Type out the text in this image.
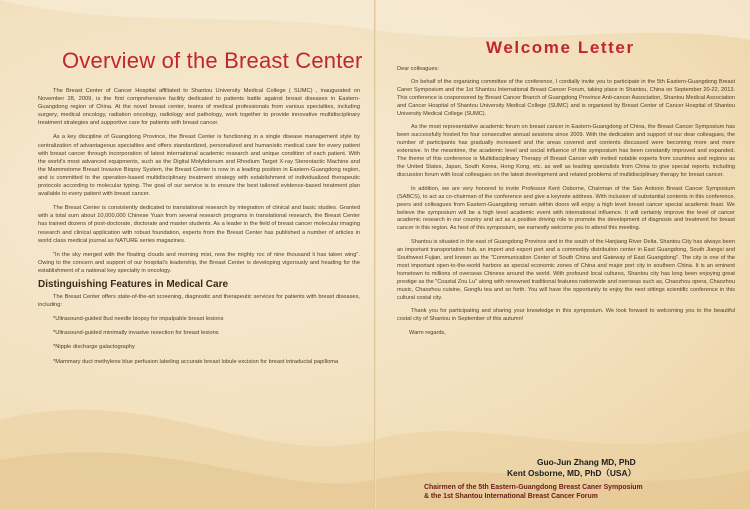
Overview of the Breast Center

The Breast Center of Cancer Hospital affiliated to Shantou University Medical College ( SUMC) , inaugurated on November 28, 2009, is the first comprehensive facility dedicated to patients battle against breast diseases in Eastern-Guangdong region of China. At the novel breast center, teams of medical professionals from various specialties, including surgery, medical oncology, radiation oncology, radiology and pathology, work together to provide innovative multidisciplinary treatment strategies and supportive care for patients with breast cancer.

As a key discipline of Guangdong Province, the Breast Center is functioning in a single disease management style by centralization of advantageous specialties and offers standardized, personalized and humanistic medical care for every patient with breast cancer through incorporation of latest international academic research and unique condition of each patient. With the world's most advanced equipments, such as the Digital Molybdenum and Rhodium Target X-ray Stereotactic Machine and the Mammotome Breast Invasive Biopsy System, the Breast Center is now in a leading position in Eastern-Guangdong region, and is committed to the operation-based multidisciplinary treatment strategy with establishment of individualized therapeutic protocols according to molecular typing. The goal of our service is to ensure the best tailored evidence-based treatment plan available to every patient with breast cancer.

The Breast Center is consistently dedicated to translational research by integration of clinical and basic studies. Granted with a total sum about 10,000,000 Chinese Yuan from several research programs in translational research, the Breast Center has trained dozens of post-doctorate, doctorate and master students. As a leader in the field of breast cancer molecular imaging research and clinical application with robust foundation, experts from the Breast Center has published a number of articles in world class medical journal as NATURE series magazines.

"In the sky merged with the floating clouds and morning mist, now the mighty roc of nine thousand li has taken wing". Owing to the concern and support of our hospital's leadership, the Breast Center is developing vigorously and heading for the establishment of a national key specialty in oncology.

Distinguishing Features in Medical Care

The Breast Center offers state-of-the-art screening, diagnostic and therapeutic services for patients with breast diseases, including:

*Ultrasound-guided 8ud needle biopsy for impalpable breast lesions
*Ultrasound-guided minimally invasive resection for breast lesions
*Nipple discharge galactography
*Mammary duct methylene blue perfusion labeling accurate breast lobule excision for breast intraductal papilloma
Welcome Letter

Dear colleagues：

On behalf of the organizing committee of the conference, I cordially invite you to participate in the 5th Eastern-Guangdong Breast Caner Symposium and the 1st Shantou International Breast Cancer Forum, taking place in Shantou, China on September 20-22, 2013. This conference is cosponsored by Breast Cancer Branch of Guangdong Province Anti-cancer Association, Shantou Medical Association and Cancer Hospital of Shantou University Medical College (SUMC) and is organized by Breast Center of Cancer Hospital of Shantou University Medical College (SUMC).

As the most representative academic forum on breast cancer in Eastern-Guangdong of China, the Breast Cancer Symposium has been successfully hosted for four consecutive annual sessions since 2009. With the dedication and support of our dear colleagues, the number of participants has gradually increased and the areas covered and contents discussed were becoming more and more extensive. In the meantime, the academic level and social influence of this symposium has been constantly improved and expanded. The theme of this conference is Multidisciplinary Therapy of Breast Cancer with invited notable experts from countries and regions as the United States, Japan, South Korea, Hong Kong, etc. as well as leading specialists from China to give special reports, including discussion forum with local colleagues on the latest development and related problems of multidisciplinary therapy for breast cancer.

In addition, we are very honored to invite Professor Kent Osborne, Chairman of the San Antonio Breast Cancer Symposium (SABCS), to act as co-chairman of the conference and give a keynote address. With inclusion of substantial contents in this conference, peers and colleagues from Eastern-Guangdong remain within doors will enjoy a high level breast cancer special academic feast. We believe the symposium will be a high level academic event with international influence. It will certainly improve the level of cancer academic research in our country and act as a positive driving role to promote the development of diagnosis and treatment for breast cancer in this region. As host of this symposium, we earnestly welcome you to attend this meeting.

Shantou is situated in the east of Guangdong Province and in the south of the Hanjiang River Delta. Shantou City has always been an important transportation hub, an import and export port and a commodity distribution center in East Guangdong, South Jiangxi and Southwest Fujian, and known as the "Communication Center of South China and Gateway of East Guangdong". The city is one of the most important open-to-the-world harbors as special economic zones of China and major port city in southern China. It is an eminent hometown to millions of overseas Chinese around the world. With profound local cultures, Shantou city has long been enjoying great prestige as the "Coastal Zou Lu" along with renowned traditional features nationwide and overseas such as, Chaozhou opera, Chaozhou music, Chaozhou cuisine, Gongfu tea and so forth. You will have the opportunity to enjoy the next sittings scientific conference in this cultural costal city.

Thank you for participating and sharing your knowledge in this symposium. We look forward to welcoming you to the beautiful costal city of Shantou in September of this autumn!

Warm regards,

Guo-Jun Zhang MD, PhD
Kent Osborne, MD, PhD（USA）
Chairmen of the 5th Eastern-Guangdong Breast Caner Symposium
& the 1st Shantou International Breast Cancer Forum
